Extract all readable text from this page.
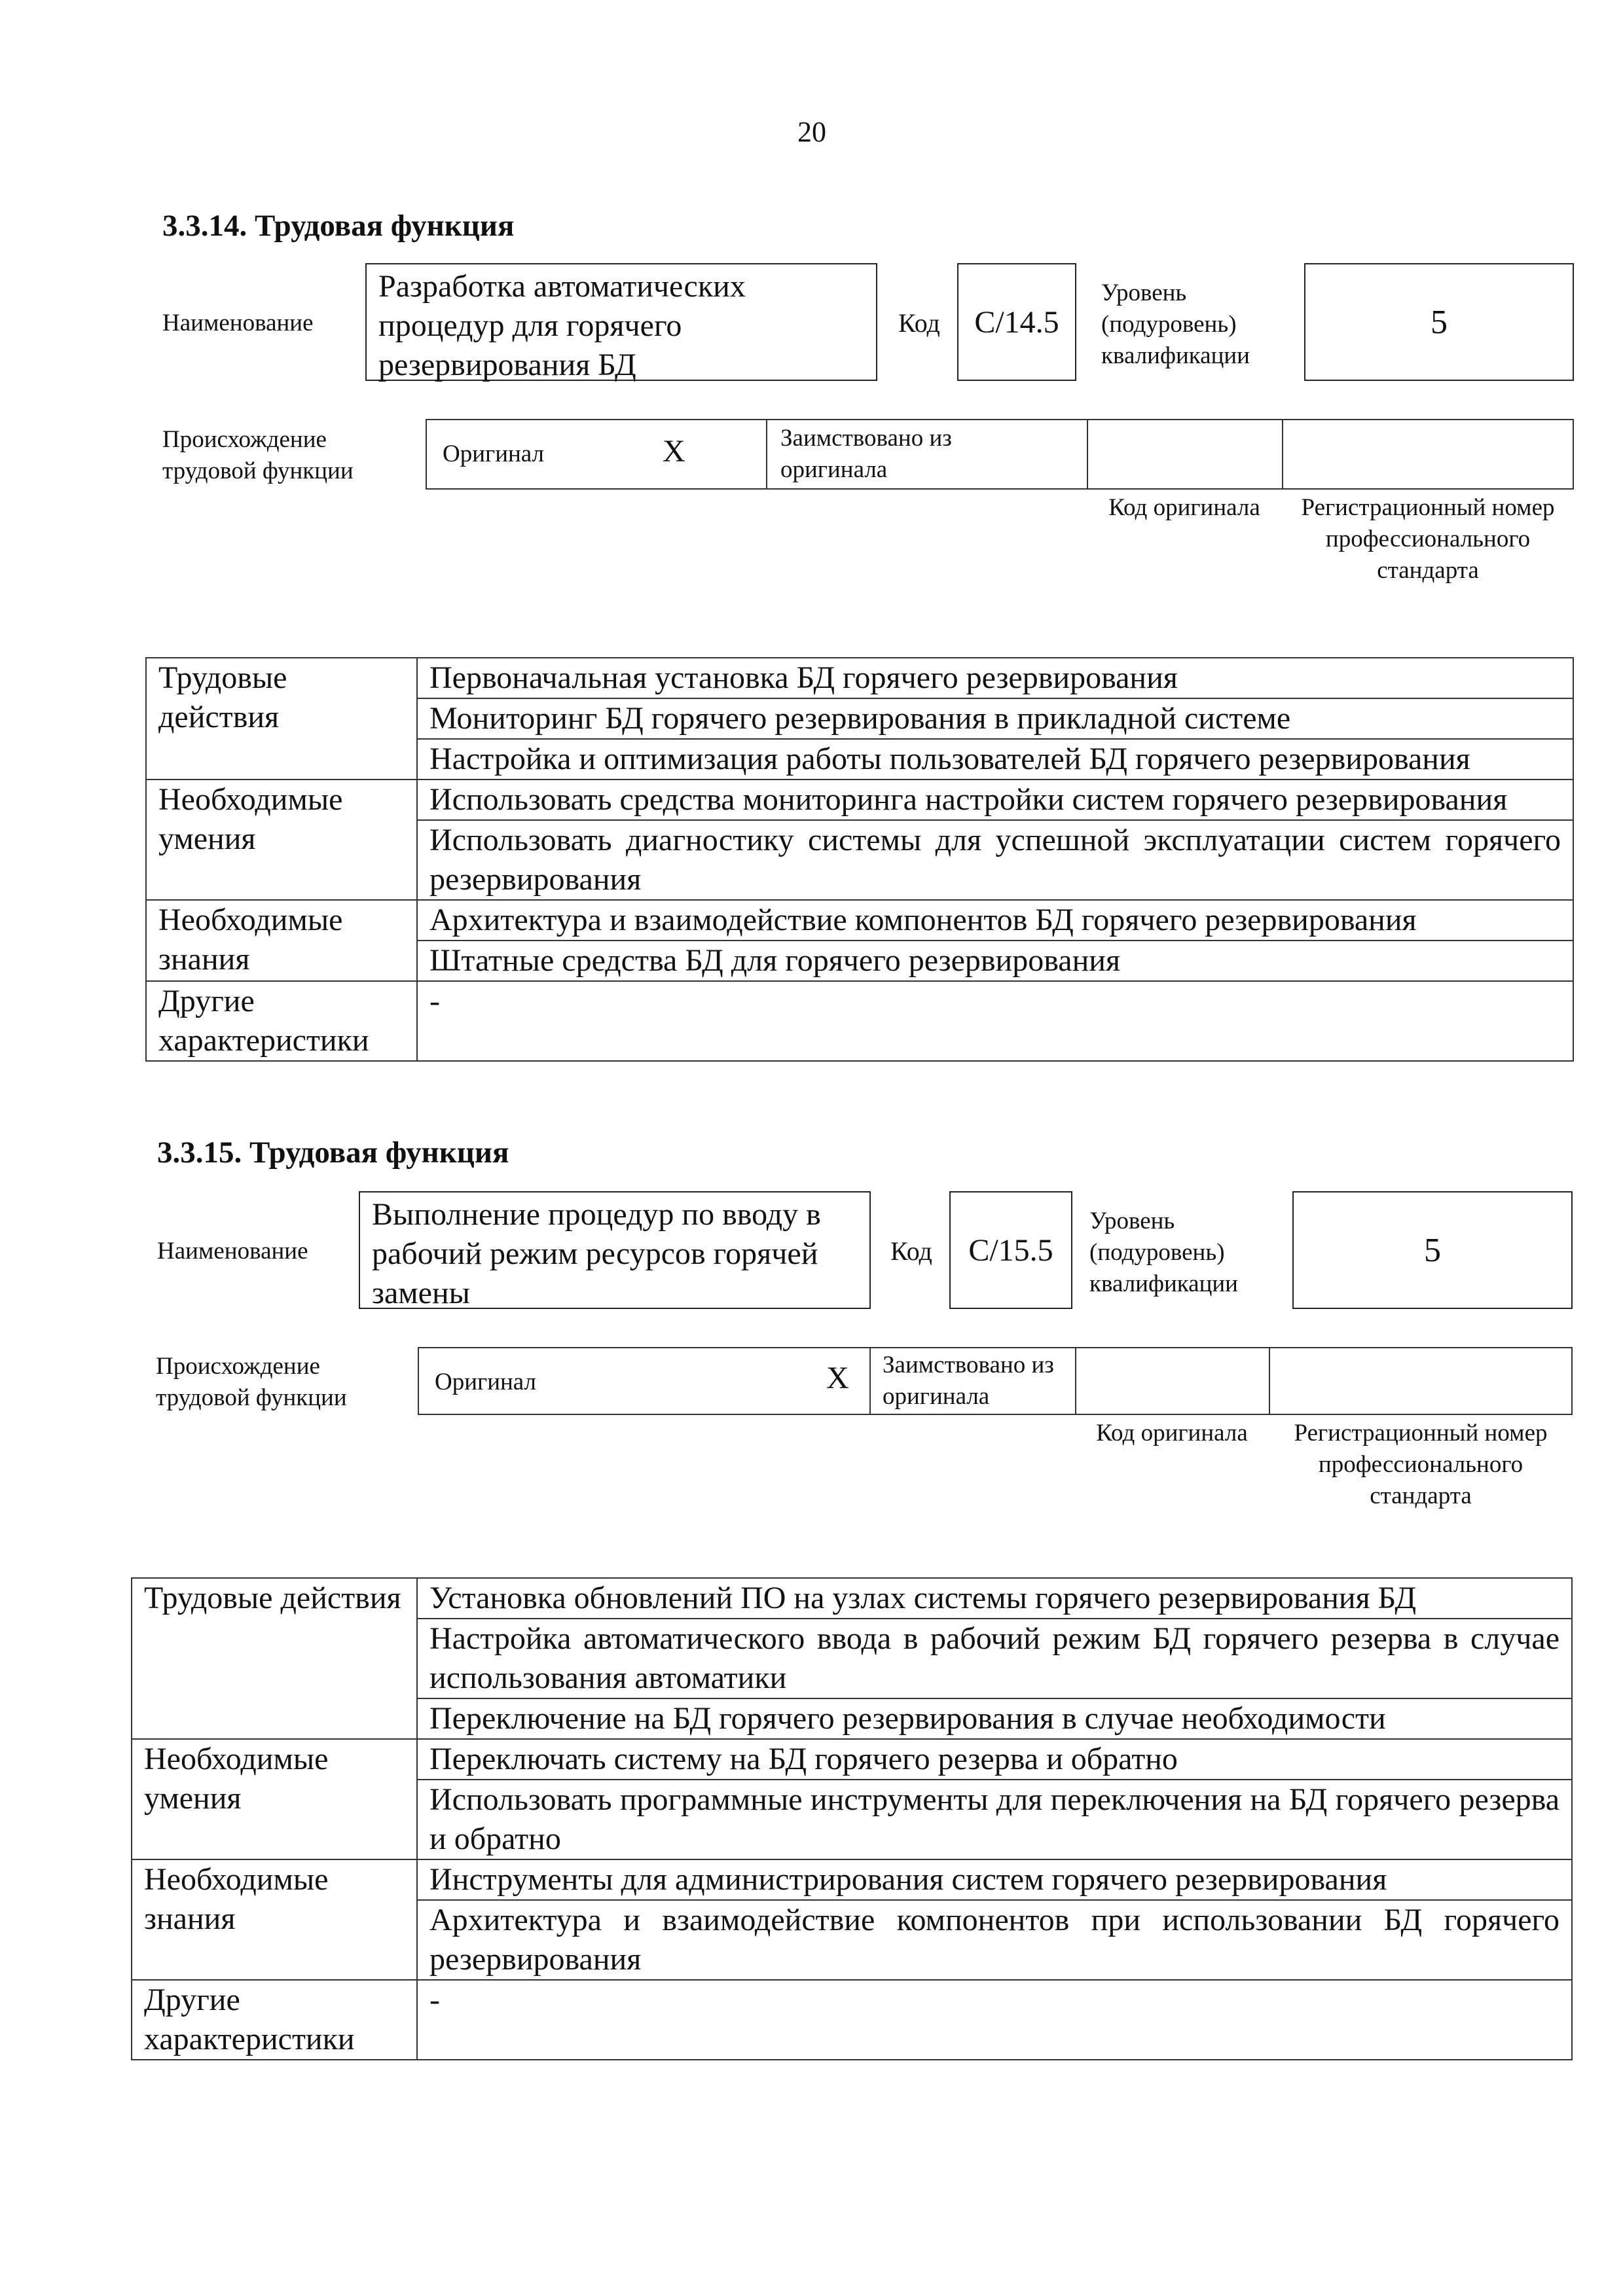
20
3.3.14. Трудовая функция
Наименование
Разработка автоматических процедур для горячего резервирования БД
Код	C/14.5
Уровень (подуровень) квалификации
5
Происхождение трудовой функции
Оригинал	X	Заимствовано из оригинала
Код оригинала	Регистрационный номер профессионального стандарта
Трудовые действия	Первоначальная установка БД горячего резервирования
	Мониторинг БД горячего резервирования в прикладной системе
	Настройка и оптимизация работы пользователей БД горячего резервирования
Необходимые умения	Использовать средства мониторинга настройки систем горячего резервирования
	Использовать диагностику системы для успешной эксплуатации систем горячего резервирования
Необходимые знания	Архитектура и взаимодействие компонентов БД горячего резервирования
	Штатные средства БД для горячего резервирования
Другие характеристики	-
3.3.15. Трудовая функция
Наименование
Выполнение процедур по вводу в рабочий режим ресурсов горячей замены
Код	C/15.5
Уровень (подуровень) квалификации
5
Происхождение трудовой функции
Оригинал	X Заимствовано из оригинала
Код оригинала	Регистрационный номер профессионального стандарта
Трудовые действия	Установка обновлений ПО на узлах системы горячего резервирования БД
	Настройка автоматического ввода в рабочий режим БД горячего резерва в случае использования автоматики
	Переключение на БД горячего резервирования в случае необходимости
Необходимые умения	Переключать систему на БД горячего резерва и обратно
	Использовать программные инструменты для переключения на БД горячего резерва и обратно
Необходимые знания	Инструменты для администрирования систем горячего резервирования
	Архитектура и взаимодействие компонентов при использовании БД горячего резервирования
Другие характеристики	-
